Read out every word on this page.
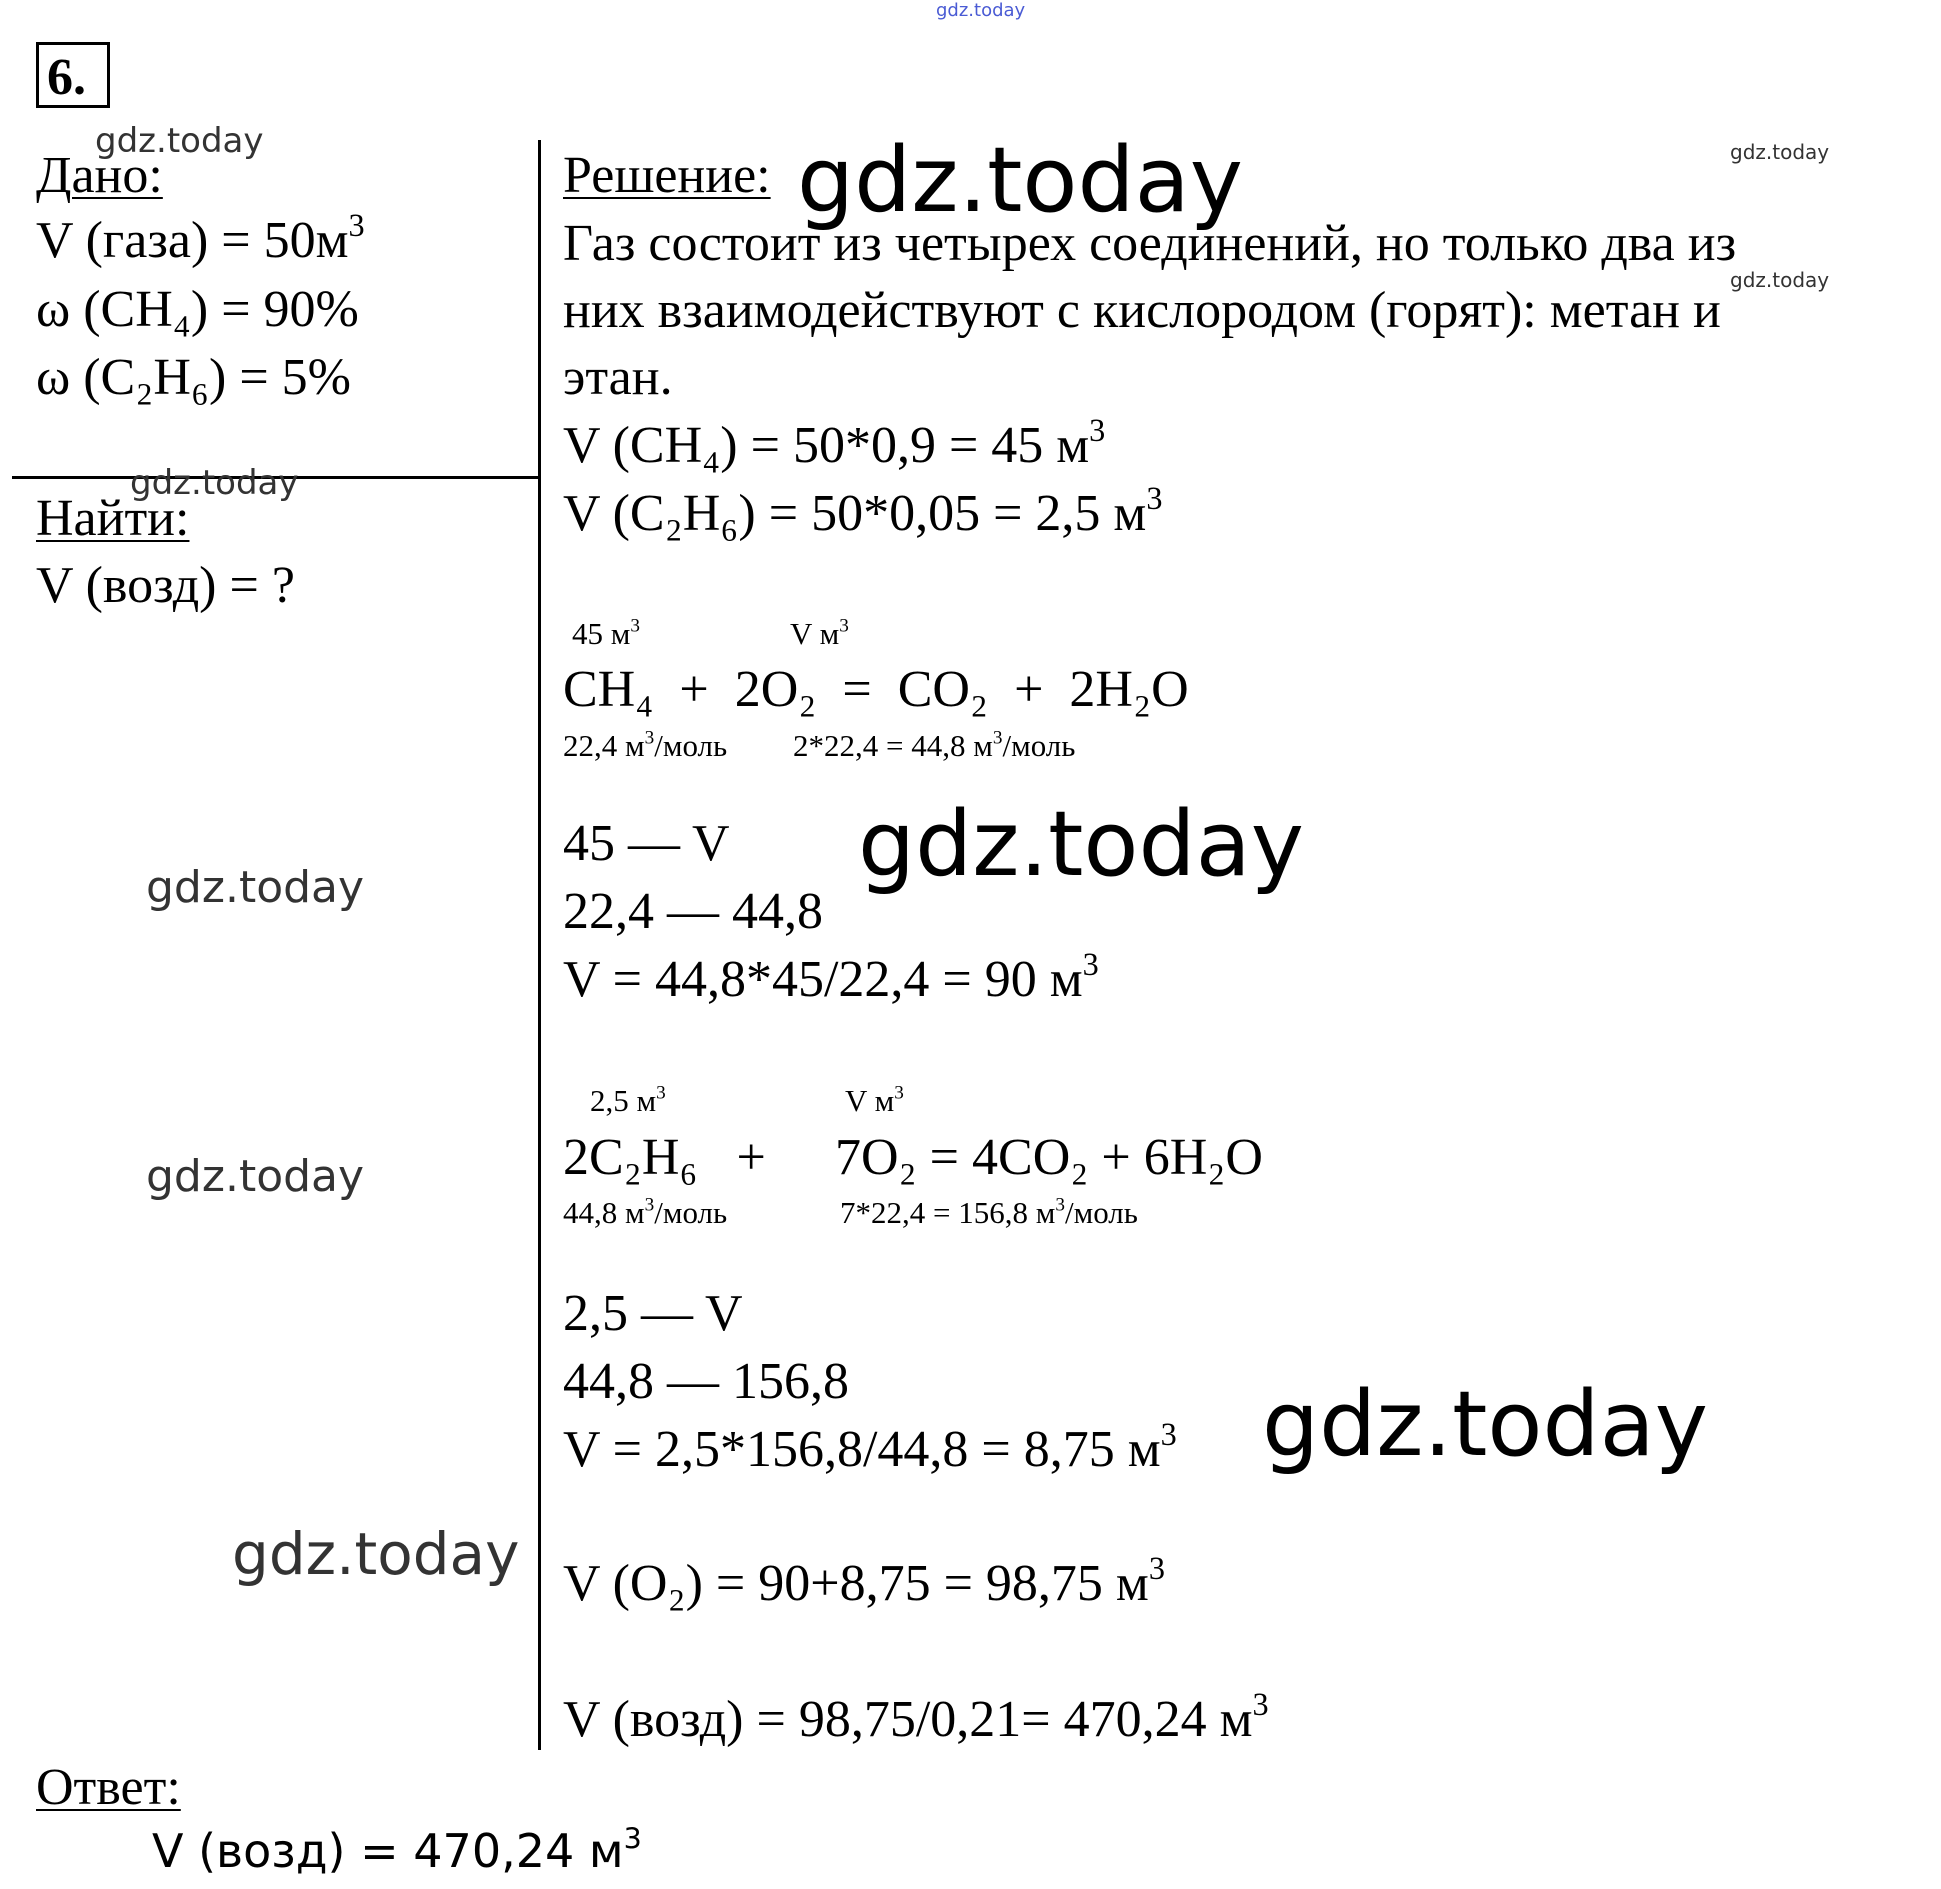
6.
Дано:
V (газа) = $50м^3$
ω (CH₄) = 90%
ω (C₂H₆) = 5%
Найти:
V (возд) = ?
Решение:
Газ состоит из четырех соединений, но только два из
них взаимодействуют с кислородом (горят): метан и
этан.
V (CH₄) = 50*0,9 = 45 $м^3$
V (C₂H₆) = 50*0,05 = 2,5 $м^3$
45 $м^3$	V $м^3$
CH₄  +  2O₂  =  CO₂  +  2H₂O
22,4 $м^3$/моль 2*22,4 = 44,8 $м^3$/моль
45 — V
22,4 — 44,8
V = 44,8*45/22,4 = 90 $м^3$
2,5 $м^3$	V $м^3$
2C₂H₆   + 7O₂ = 4CO₂ + 6H₂O
44,8 $м^3$/моль	7*22,4 = 156,8 $м^3$/моль
2,5 — V
44,8 — 156,8
V = 2,5*156,8/44,8 = 8,75 $м^3$
V (O₂) = 90+8,75 = 98,75 $м^3$
V (возд) = 98,75/0,21= 470,24 $м^3$
Ответ:
V (возд) = 470,24 $м^3$
gdz.today
gdz.today	gdz.today	gdz.today
gdz.today
gdz.today
gdz.today
gdz.today
gdz.today
gdz.today
gdz.today
